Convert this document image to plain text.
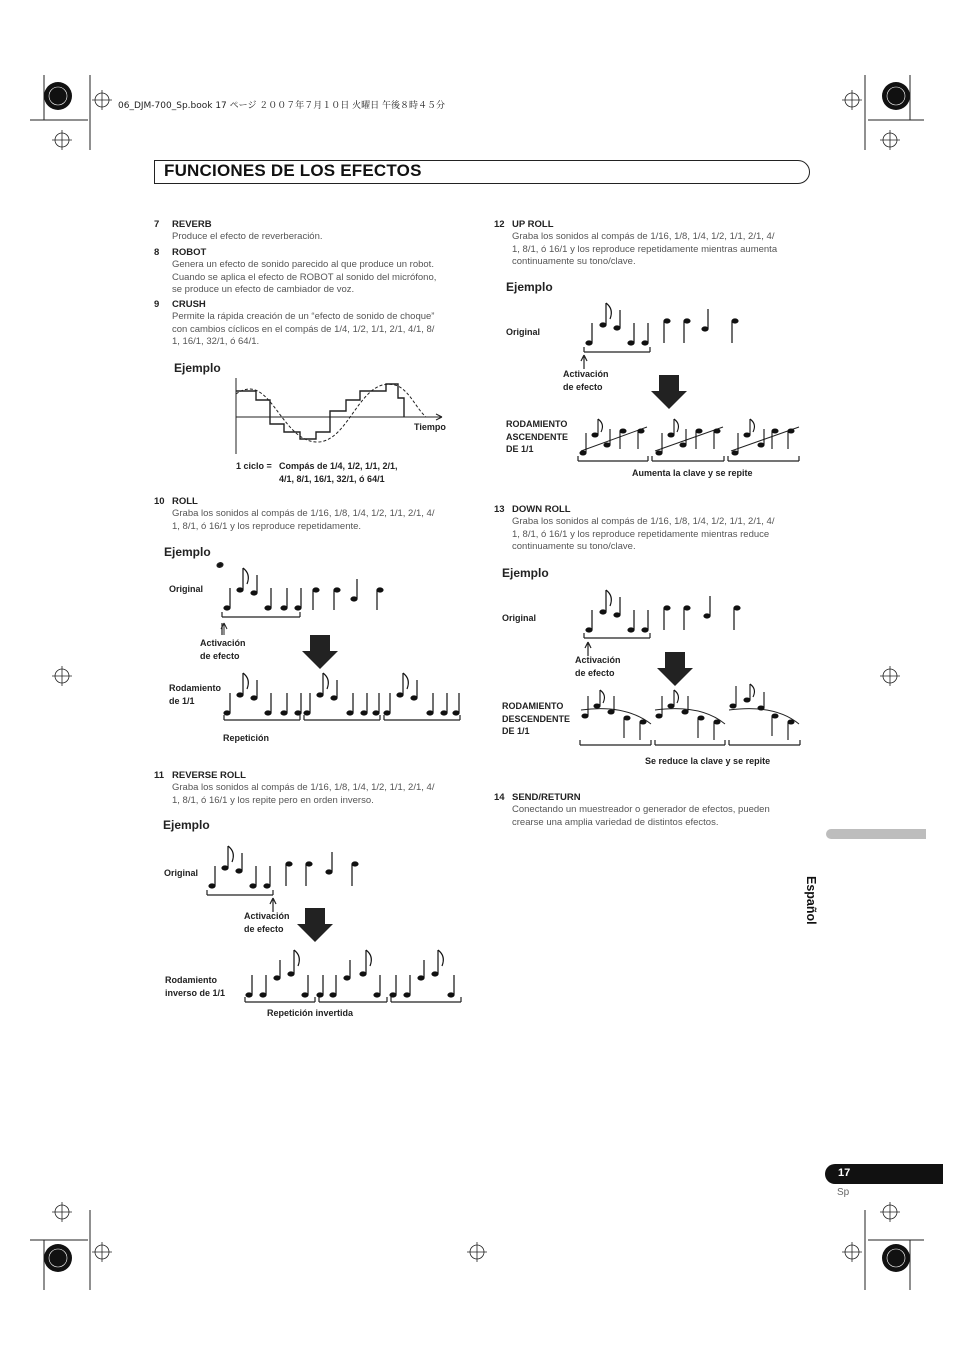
06_DJM-700_Sp.book 17 ページ ２００７年７月１０日 火曜日 午後８時４５分
FUNCIONES DE LOS EFECTOS
7 REVERB
Produce el efecto de reverberación.
8 ROBOT
Genera un efecto de sonido parecido al que produce un robot.
Cuando se aplica el efecto de ROBOT al sonido del micrófono,
se produce un efecto de cambiador de voz.
9 CRUSH
Permite la rápida creación de un “efecto de sonido de choque”
con cambios cíclicos en el compás de 1/4, 1/2, 1/1, 2/1, 4/1, 8/
1, 16/1, 32/1, ó 64/1.
Ejemplo
Tiempo
1 ciclo = Compás de 1/4, 1/2, 1/1, 2/1,
4/1, 8/1, 16/1, 32/1, ó 64/1
10 ROLL
Graba los sonidos al compás de 1/16, 1/8, 1/4, 1/2, 1/1, 2/1, 4/
1, 8/1, ó 16/1 y los reproduce repetidamente.
Ejemplo
Original
Activación
de efecto
Rodamiento
de 1/1
Repetición
11 REVERSE ROLL
Graba los sonidos al compás de 1/16, 1/8, 1/4, 1/2, 1/1, 2/1, 4/
1, 8/1, ó 16/1 y los repite pero en orden inverso.
Ejemplo
Original
Activación
de efecto
Rodamiento
inverso de 1/1
Repetición invertida
12 UP ROLL
Graba los sonidos al compás de 1/16, 1/8, 1/4, 1/2, 1/1, 2/1, 4/
1, 8/1, ó 16/1 y los reproduce repetidamente mientras aumenta
continuamente su tono/clave.
Ejemplo
Original
Activación
de efecto
RODAMIENTO
ASCENDENTE
DE 1/1
Aumenta la clave y se repite
13 DOWN ROLL
Graba los sonidos al compás de 1/16, 1/8, 1/4, 1/2, 1/1, 2/1, 4/
1, 8/1, ó 16/1 y los reproduce repetidamente mientras reduce
continuamente su tono/clave.
Ejemplo
Original
Activación
de efecto
RODAMIENTO
DESCENDENTE
DE 1/1
Se reduce la clave y se repite
14 SEND/RETURN
Conectando un muestreador o generador de efectos, pueden
crearse una amplia variedad de distintos efectos.
Español
17
Sp
